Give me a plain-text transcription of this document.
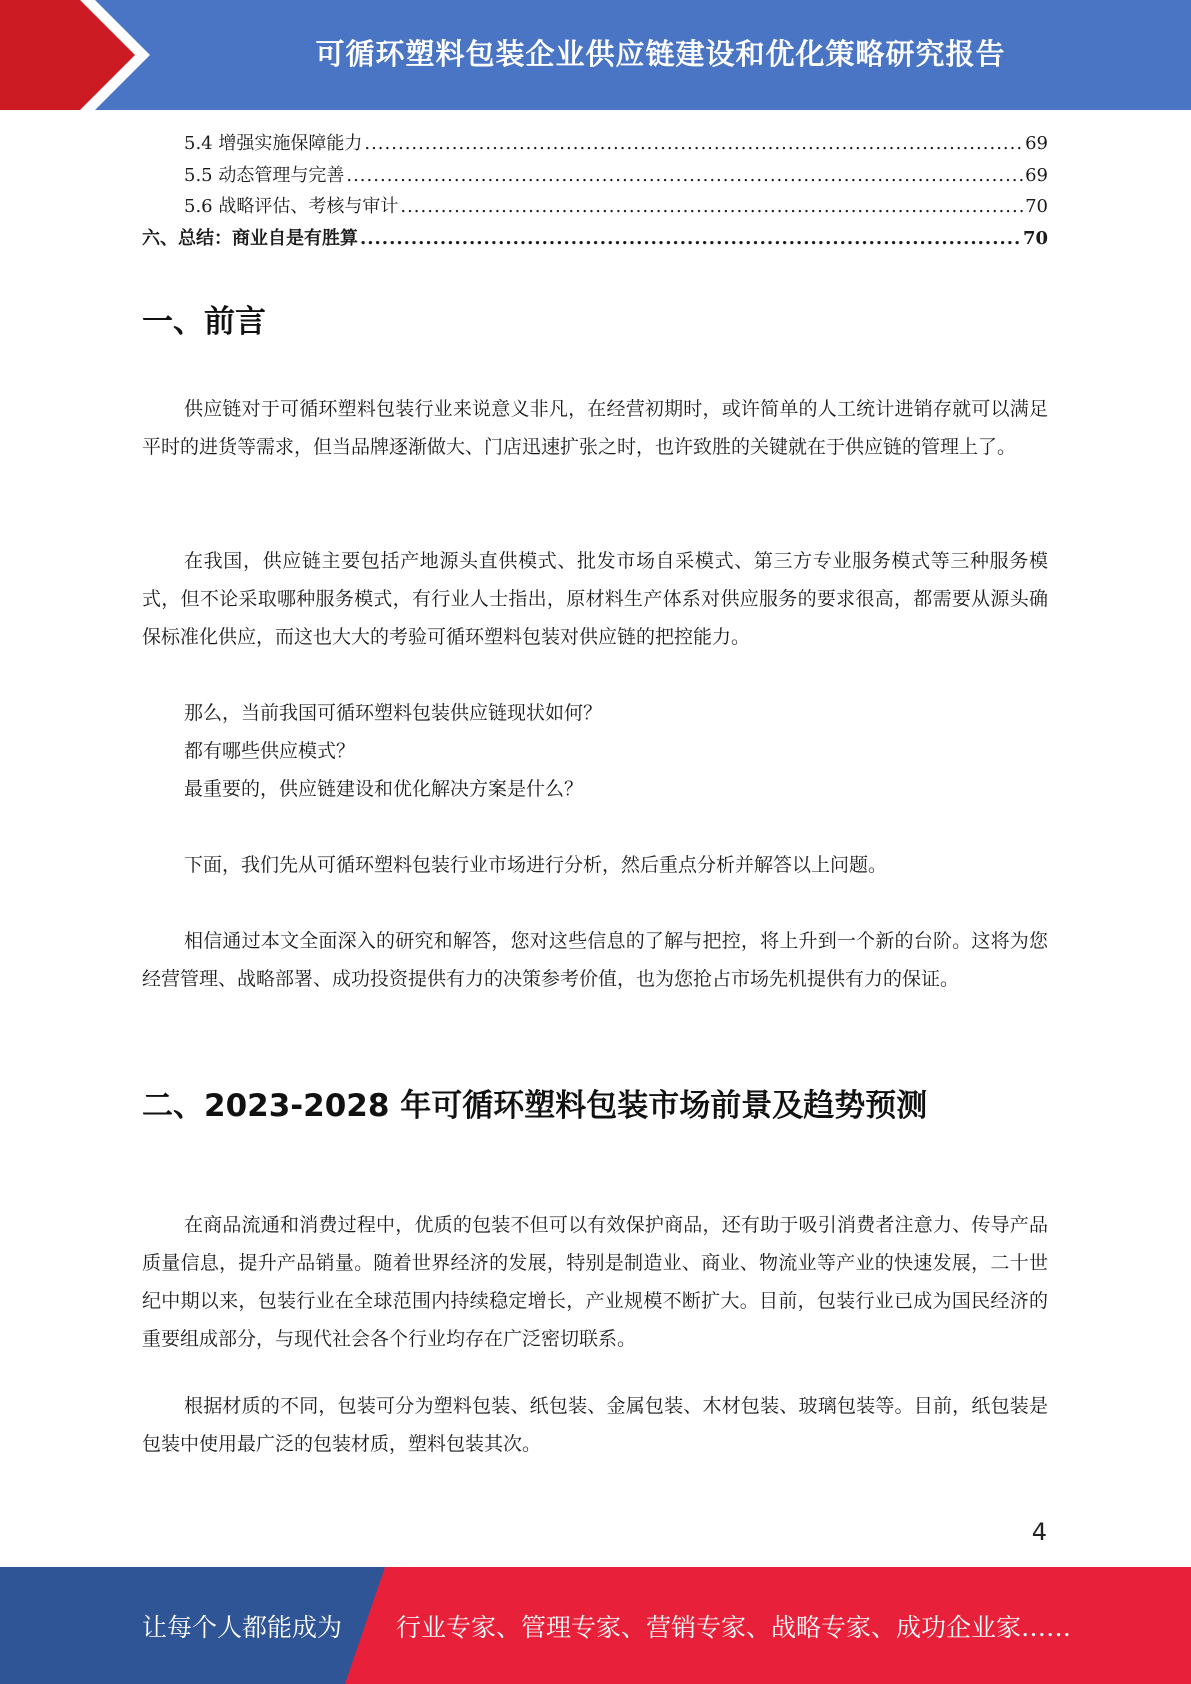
可循环塑料包装企业供应链建设和优化策略研究报告
5.4 增强实施保障能力 .....	69
5.5 动态管理与完善 .....	69
5.6 战略评估、考核与审计 .....	70
六、总结：商业自是有胜算 .....	70
一、前言

供应链对于可循环塑料包装行业来说意义非凡，在经营初期时，或许简单的人工统计进销存就可以满足平时的进货等需求，但当品牌逐渐做大、门店迅速扩张之时，也许致胜的关键就在于供应链的管理上了。

在我国，供应链主要包括产地源头直供模式、批发市场自采模式、第三方专业服务模式等三种服务模式，但不论采取哪种服务模式，有行业人士指出，原材料生产体系对供应服务的要求很高，都需要从源头确保标准化供应，而这也大大的考验可循环塑料包装对供应链的把控能力。

那么，当前我国可循环塑料包装供应链现状如何？

都有哪些供应模式？

最重要的，供应链建设和优化解决方案是什么？

下面，我们先从可循环塑料包装行业市场进行分析，然后重点分析并解答以上问题。

相信通过本文全面深入的研究和解答，您对这些信息的了解与把控，将上升到一个新的台阶。这将为您经营管理、战略部署、成功投资提供有力的决策参考价值，也为您抢占市场先机提供有力的保证。

二、2023-2028 年可循环塑料包装市场前景及趋势预测

在商品流通和消费过程中，优质的包装不但可以有效保护商品，还有助于吸引消费者注意力、传导产品质量信息，提升产品销量。随着世界经济的发展，特别是制造业、商业、物流业等产业的快速发展，二十世纪中期以来，包装行业在全球范围内持续稳定增长，产业规模不断扩大。目前，包装行业已成为国民经济的重要组成部分，与现代社会各个行业均存在广泛密切联系。

根据材质的不同，包装可分为塑料包装、纸包装、金属包装、木材包装、玻璃包装等。目前，纸包装是包装中使用最广泛的包装材质，塑料包装其次。

4
让每个人都能成为 行业专家、管理专家、营销专家、战略专家、成功企业家……
